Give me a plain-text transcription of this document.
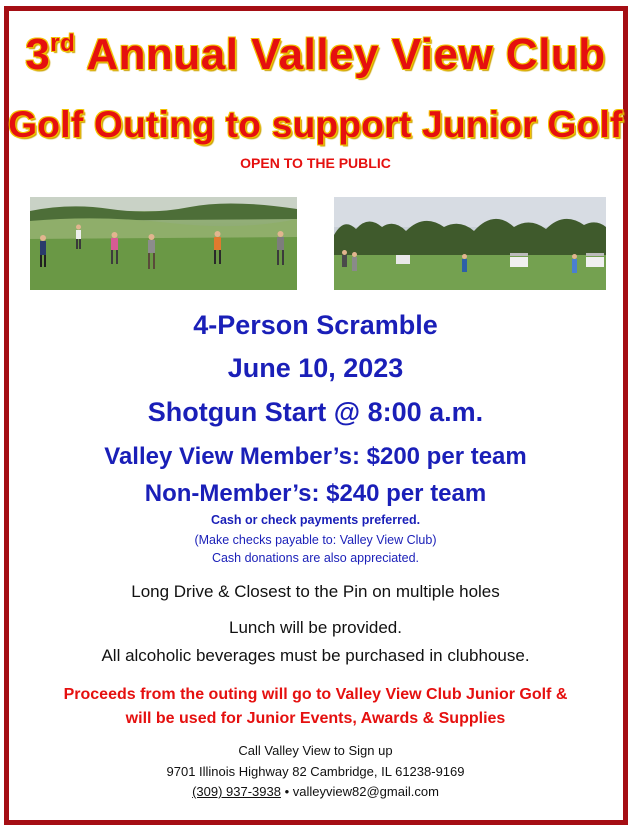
3rd Annual Valley View Club
Golf Outing to support Junior Golf
OPEN TO THE PUBLIC
4-Person Scramble
June 10, 2023
Shotgun Start @ 8:00 a.m.
Valley View Member’s: $200 per team
Non-Member’s: $240 per team
Cash or check payments preferred.
(Make checks payable to: Valley View Club)
Cash donations are also appreciated.
Long Drive & Closest to the Pin on multiple holes
Lunch will be provided.
All alcoholic beverages must be purchased in clubhouse.
Proceeds from the outing will go to Valley View Club Junior Golf &
will be used for Junior Events, Awards & Supplies
Call Valley View to Sign up
9701 Illinois Highway 82 Cambridge, IL 61238-9169
(309) 937-3938 • valleyview82@gmail.com
